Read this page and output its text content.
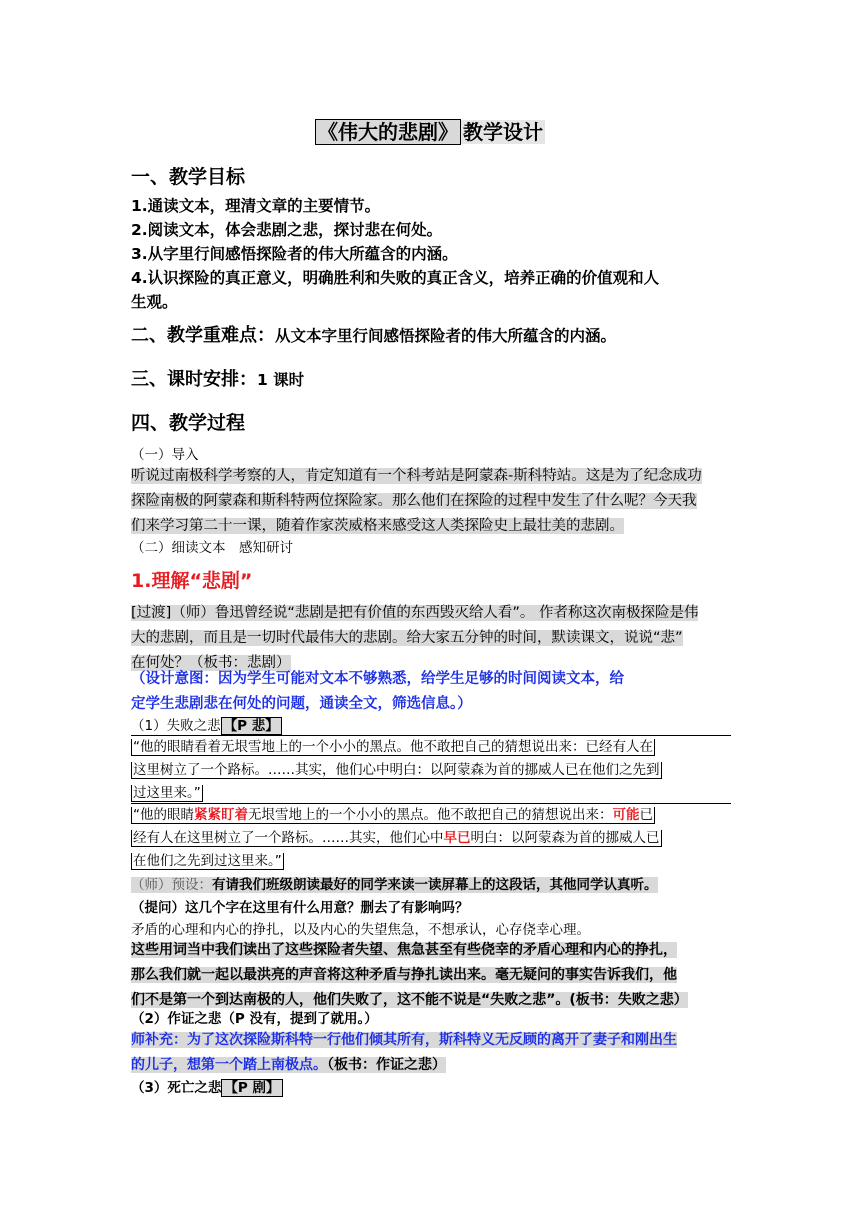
《伟大的悲剧》 教学设计
一、教学目标
1.通读文本，理清文章的主要情节。
2.阅读文本，体会悲剧之悲，探讨悲在何处。
3.从字里行间感悟探险者的伟大所蕴含的内涵。
4.认识探险的真正意义，明确胜利和失败的真正含义，培养正确的价值观和人
生观。
二、教学重难点：从文本字里行间感悟探险者的伟大所蕴含的内涵。
三、课时安排：1 课时
四、教学过程
（一）导入
听说过南极科学考察的人，肯定知道有一个科考站是阿蒙森-斯科特站。这是为了纪念成功
探险南极的阿蒙森和斯科特两位探险家。那么他们在探险的过程中发生了什么呢？今天我
们来学习第二十一课，随着作家茨威格来感受这人类探险史上最壮美的悲剧。
（二）细读文本　感知研讨
1.理解“悲剧”
[过渡]（师）鲁迅曾经说“悲剧是把有价值的东西毁灭给人看”。 作者称这次南极探险是伟
大的悲剧，而且是一切时代最伟大的悲剧。给大家五分钟的时间，默读课文，说说“悲”
在何处？（板书：悲剧）
（设计意图：因为学生可能对文本不够熟悉，给学生足够的时间阅读文本，给
定学生悲剧悲在何处的问题，通读全文，筛选信息。）
（1）失败之悲 【P 悲】
“他的眼睛看着无垠雪地上的一个小小的黑点。他不敢把自己的猜想说出来：已经有人在
这里树立了一个路标。……其实，他们心中明白：以阿蒙森为首的挪威人已在他们之先到
过这里来。”
“他的眼睛紧紧盯着无垠雪地上的一个小小的黑点。他不敢把自己的猜想说出来：可能已
经有人在这里树立了一个路标。……其实，他们心中早已明白：以阿蒙森为首的挪威人已
在他们之先到过这里来。”
（师）预设：有请我们班级朗读最好的同学来读一读屏幕上的这段话，其他同学认真听。
（提问）这几个字在这里有什么用意？删去了有影响吗？
矛盾的心理和内心的挣扎，以及内心的失望焦急，不想承认，心存侥幸心理。
这些用词当中我们读出了这些探险者失望、焦急甚至有些侥幸的矛盾心理和内心的挣扎，
那么我们就一起以最洪亮的声音将这种矛盾与挣扎读出来。毫无疑问的事实告诉我们，他
们不是第一个到达南极的人，他们失败了，这不能不说是“失败之悲”。(板书：失败之悲）
（2）作证之悲（P 没有，提到了就用。）
师补充：为了这次探险斯科特一行他们倾其所有，斯科特义无反顾的离开了妻子和刚出生
的儿子，想第一个踏上南极点。（板书：作证之悲）
（3）死亡之悲 【P 剧】
